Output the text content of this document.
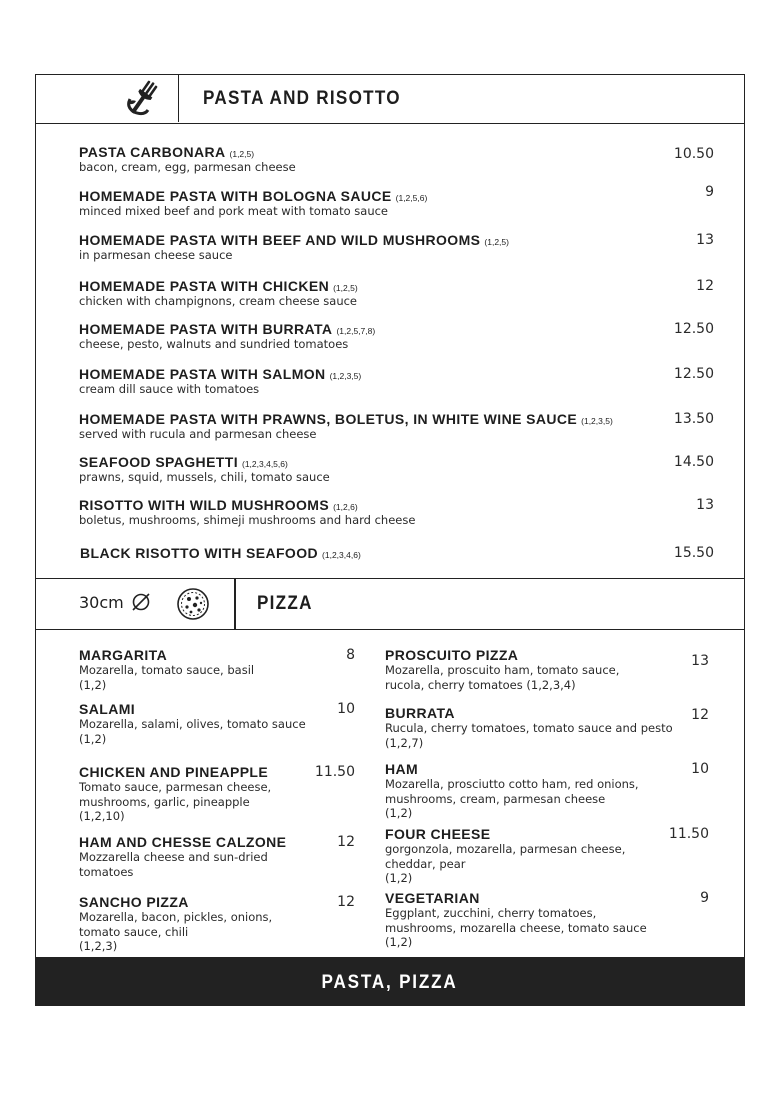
PASTA AND RISOTTO
PASTA CARBONARA (1,2,5)
bacon, cream, egg, parmesan cheese
10.50
HOMEMADE PASTA WITH BOLOGNA SAUCE (1,2,5,6)
minced mixed beef and pork meat with tomato sauce
9
HOMEMADE PASTA WITH BEEF AND WILD MUSHROOMS (1,2,5)
in parmesan cheese sauce
13
HOMEMADE PASTA WITH CHICKEN (1,2,5)
chicken with champignons, cream cheese sauce
12
HOMEMADE PASTA WITH BURRATA (1,2,5,7,8)
cheese, pesto, walnuts and sundried tomatoes
12.50
HOMEMADE PASTA WITH SALMON (1,2,3,5)
cream dill sauce with tomatoes
12.50
HOMEMADE PASTA WITH PRAWNS, BOLETUS, IN WHITE WINE SAUCE (1,2,3,5)
served with rucula and parmesan cheese
13.50
SEAFOOD SPAGHETTI (1,2,3,4,5,6)
prawns, squid, mussels, chili, tomato sauce
14.50
RISOTTO WITH WILD MUSHROOMS (1,2,6)
boletus, mushrooms, shimeji mushrooms and hard cheese
13
BLACK RISOTTO WITH SEAFOOD (1,2,3,4,6)	15.50
30cm	PIZZA
MARGARITA
Mozarella, tomato sauce, basil
(1,2)
8
SALAMI
Mozarella, salami, olives, tomato sauce
(1,2)
10
CHICKEN AND PINEAPPLE
Tomato sauce, parmesan cheese,
mushrooms, garlic, pineapple
(1,2,10)
11.50
HAM AND CHESSE CALZONE
Mozzarella cheese and sun-dried
tomatoes
12
SANCHO PIZZA
Mozarella, bacon, pickles, onions,
tomato sauce, chili
(1,2,3)
12
PROSCUITO PIZZA
Mozarella, proscuito ham, tomato sauce,
rucola, cherry tomatoes (1,2,3,4)
13
BURRATA
Rucula, cherry tomatoes, tomato sauce and pesto
(1,2,7)
12
HAM
Mozarella, prosciutto cotto ham, red onions,
mushrooms, cream, parmesan cheese
(1,2)
10
FOUR CHEESE
gorgonzola, mozarella, parmesan cheese,
cheddar, pear
(1,2)
11.50
VEGETARIAN
Eggplant, zucchini, cherry tomatoes,
mushrooms, mozarella cheese, tomato sauce
(1,2)
9
PASTA, PIZZA
